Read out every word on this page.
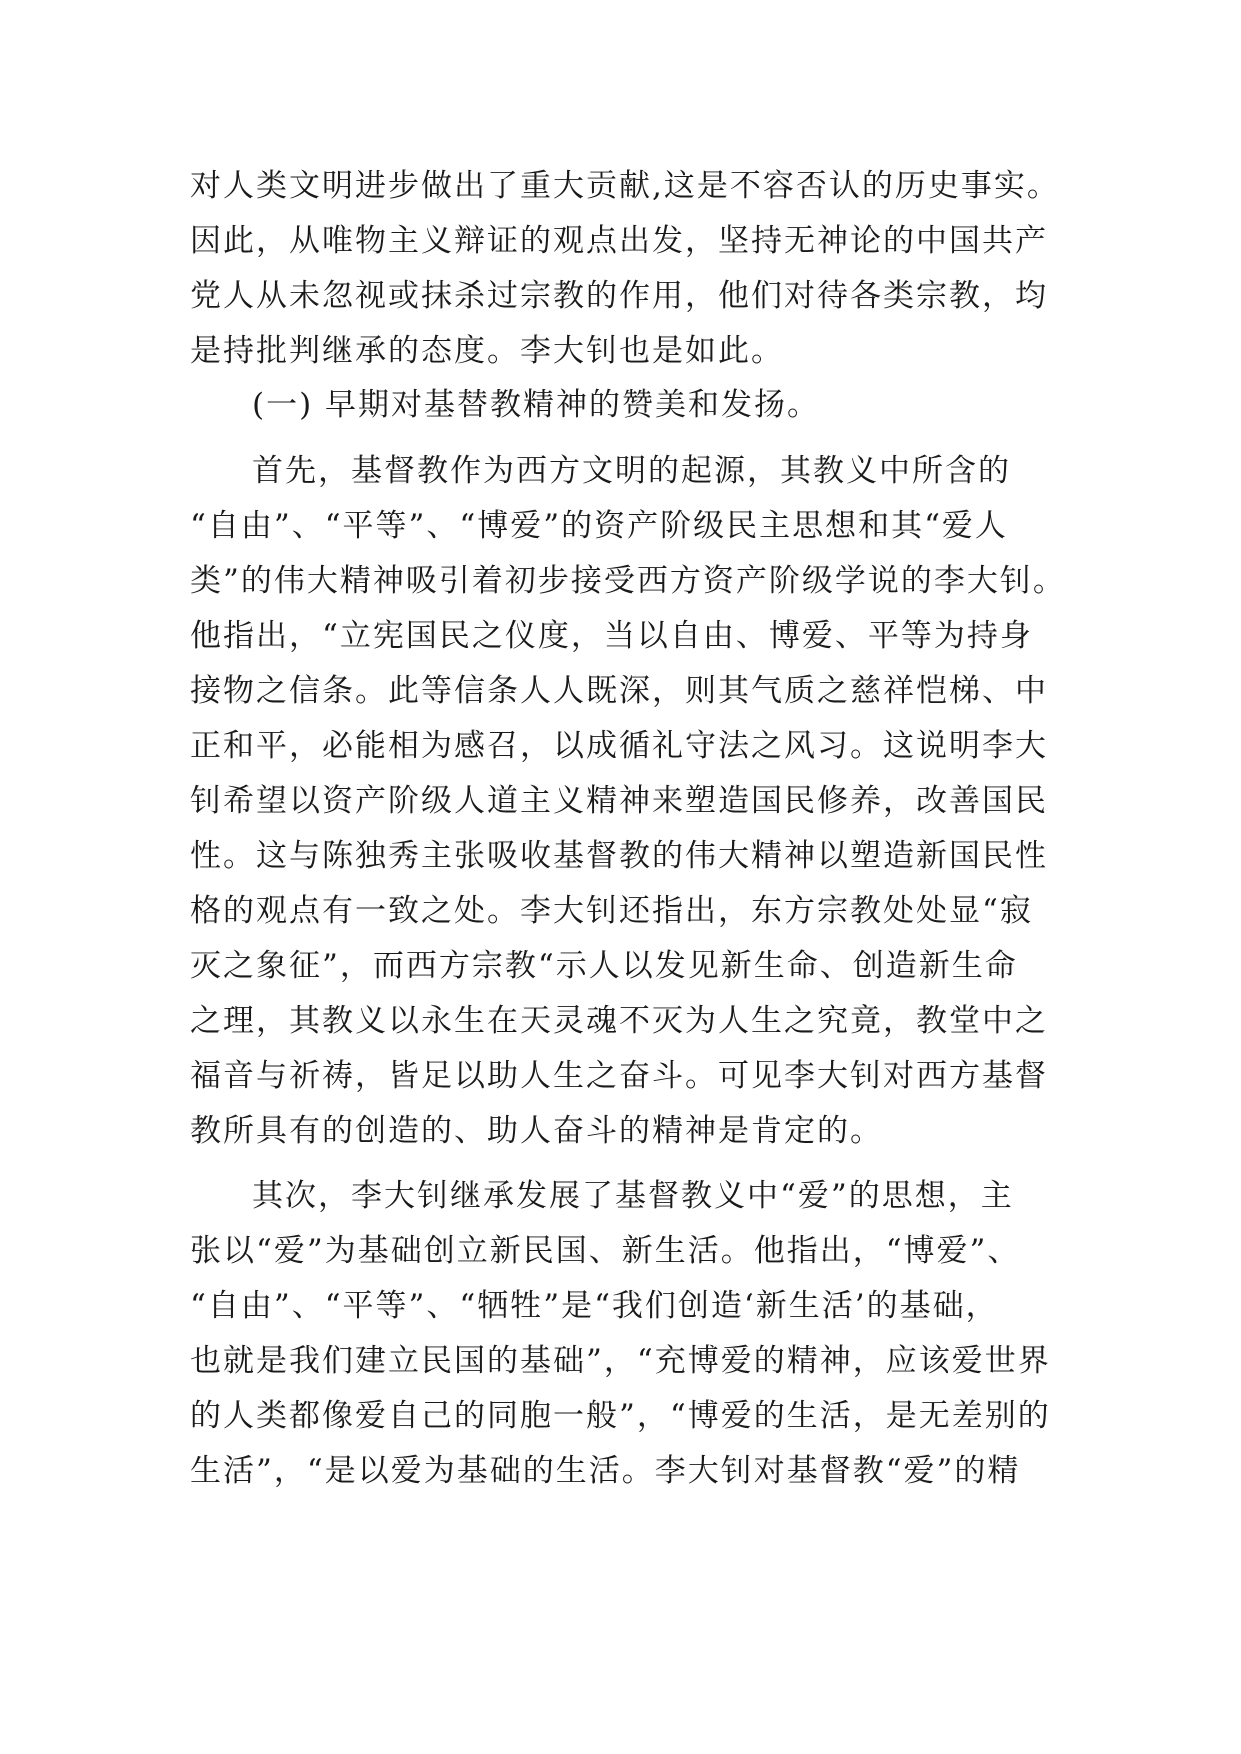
对人类文明进步做出了重大贡献,这是不容否认的历史事实。
因此，从唯物主义辩证的观点出发，坚持无神论的中国共产
党人从未忽视或抹杀过宗教的作用，他们对待各类宗教，均
是持批判继承的态度。李大钊也是如此。
(一) 早期对基替教精神的赞美和发扬。
首先，基督教作为西方文明的起源，其教义中所含的
“自由”、“平等”、“博爱”的资产阶级民主思想和其“爱人
类”的伟大精神吸引着初步接受西方资产阶级学说的李大钊。
他指出，“立宪国民之仪度，当以自由、博爱、平等为持身
接物之信条。此等信条人人既深，则其气质之慈祥恺梯、中
正和平，必能相为感召，以成循礼守法之风习。这说明李大
钊希望以资产阶级人道主义精神来塑造国民修养，改善国民
性。这与陈独秀主张吸收基督教的伟大精神以塑造新国民性
格的观点有一致之处。李大钊还指出，东方宗教处处显“寂
灭之象征”，而西方宗教“示人以发见新生命、创造新生命
之理，其教义以永生在天灵魂不灭为人生之究竟，教堂中之
福音与祈祷，皆足以助人生之奋斗。可见李大钊对西方基督
教所具有的创造的、助人奋斗的精神是肯定的。
其次，李大钊继承发展了基督教义中“爱”的思想，主
张以“爱”为基础创立新民国、新生活。他指出，“博爱”、
“自由”、“平等”、“牺牲”是“我们创造‘新生活’的基础，
也就是我们建立民国的基础”，“充博爱的精神，应该爱世界
的人类都像爱自己的同胞一般”，“博爱的生活，是无差别的
生活”，“是以爱为基础的生活。李大钊对基督教“爱”的精
